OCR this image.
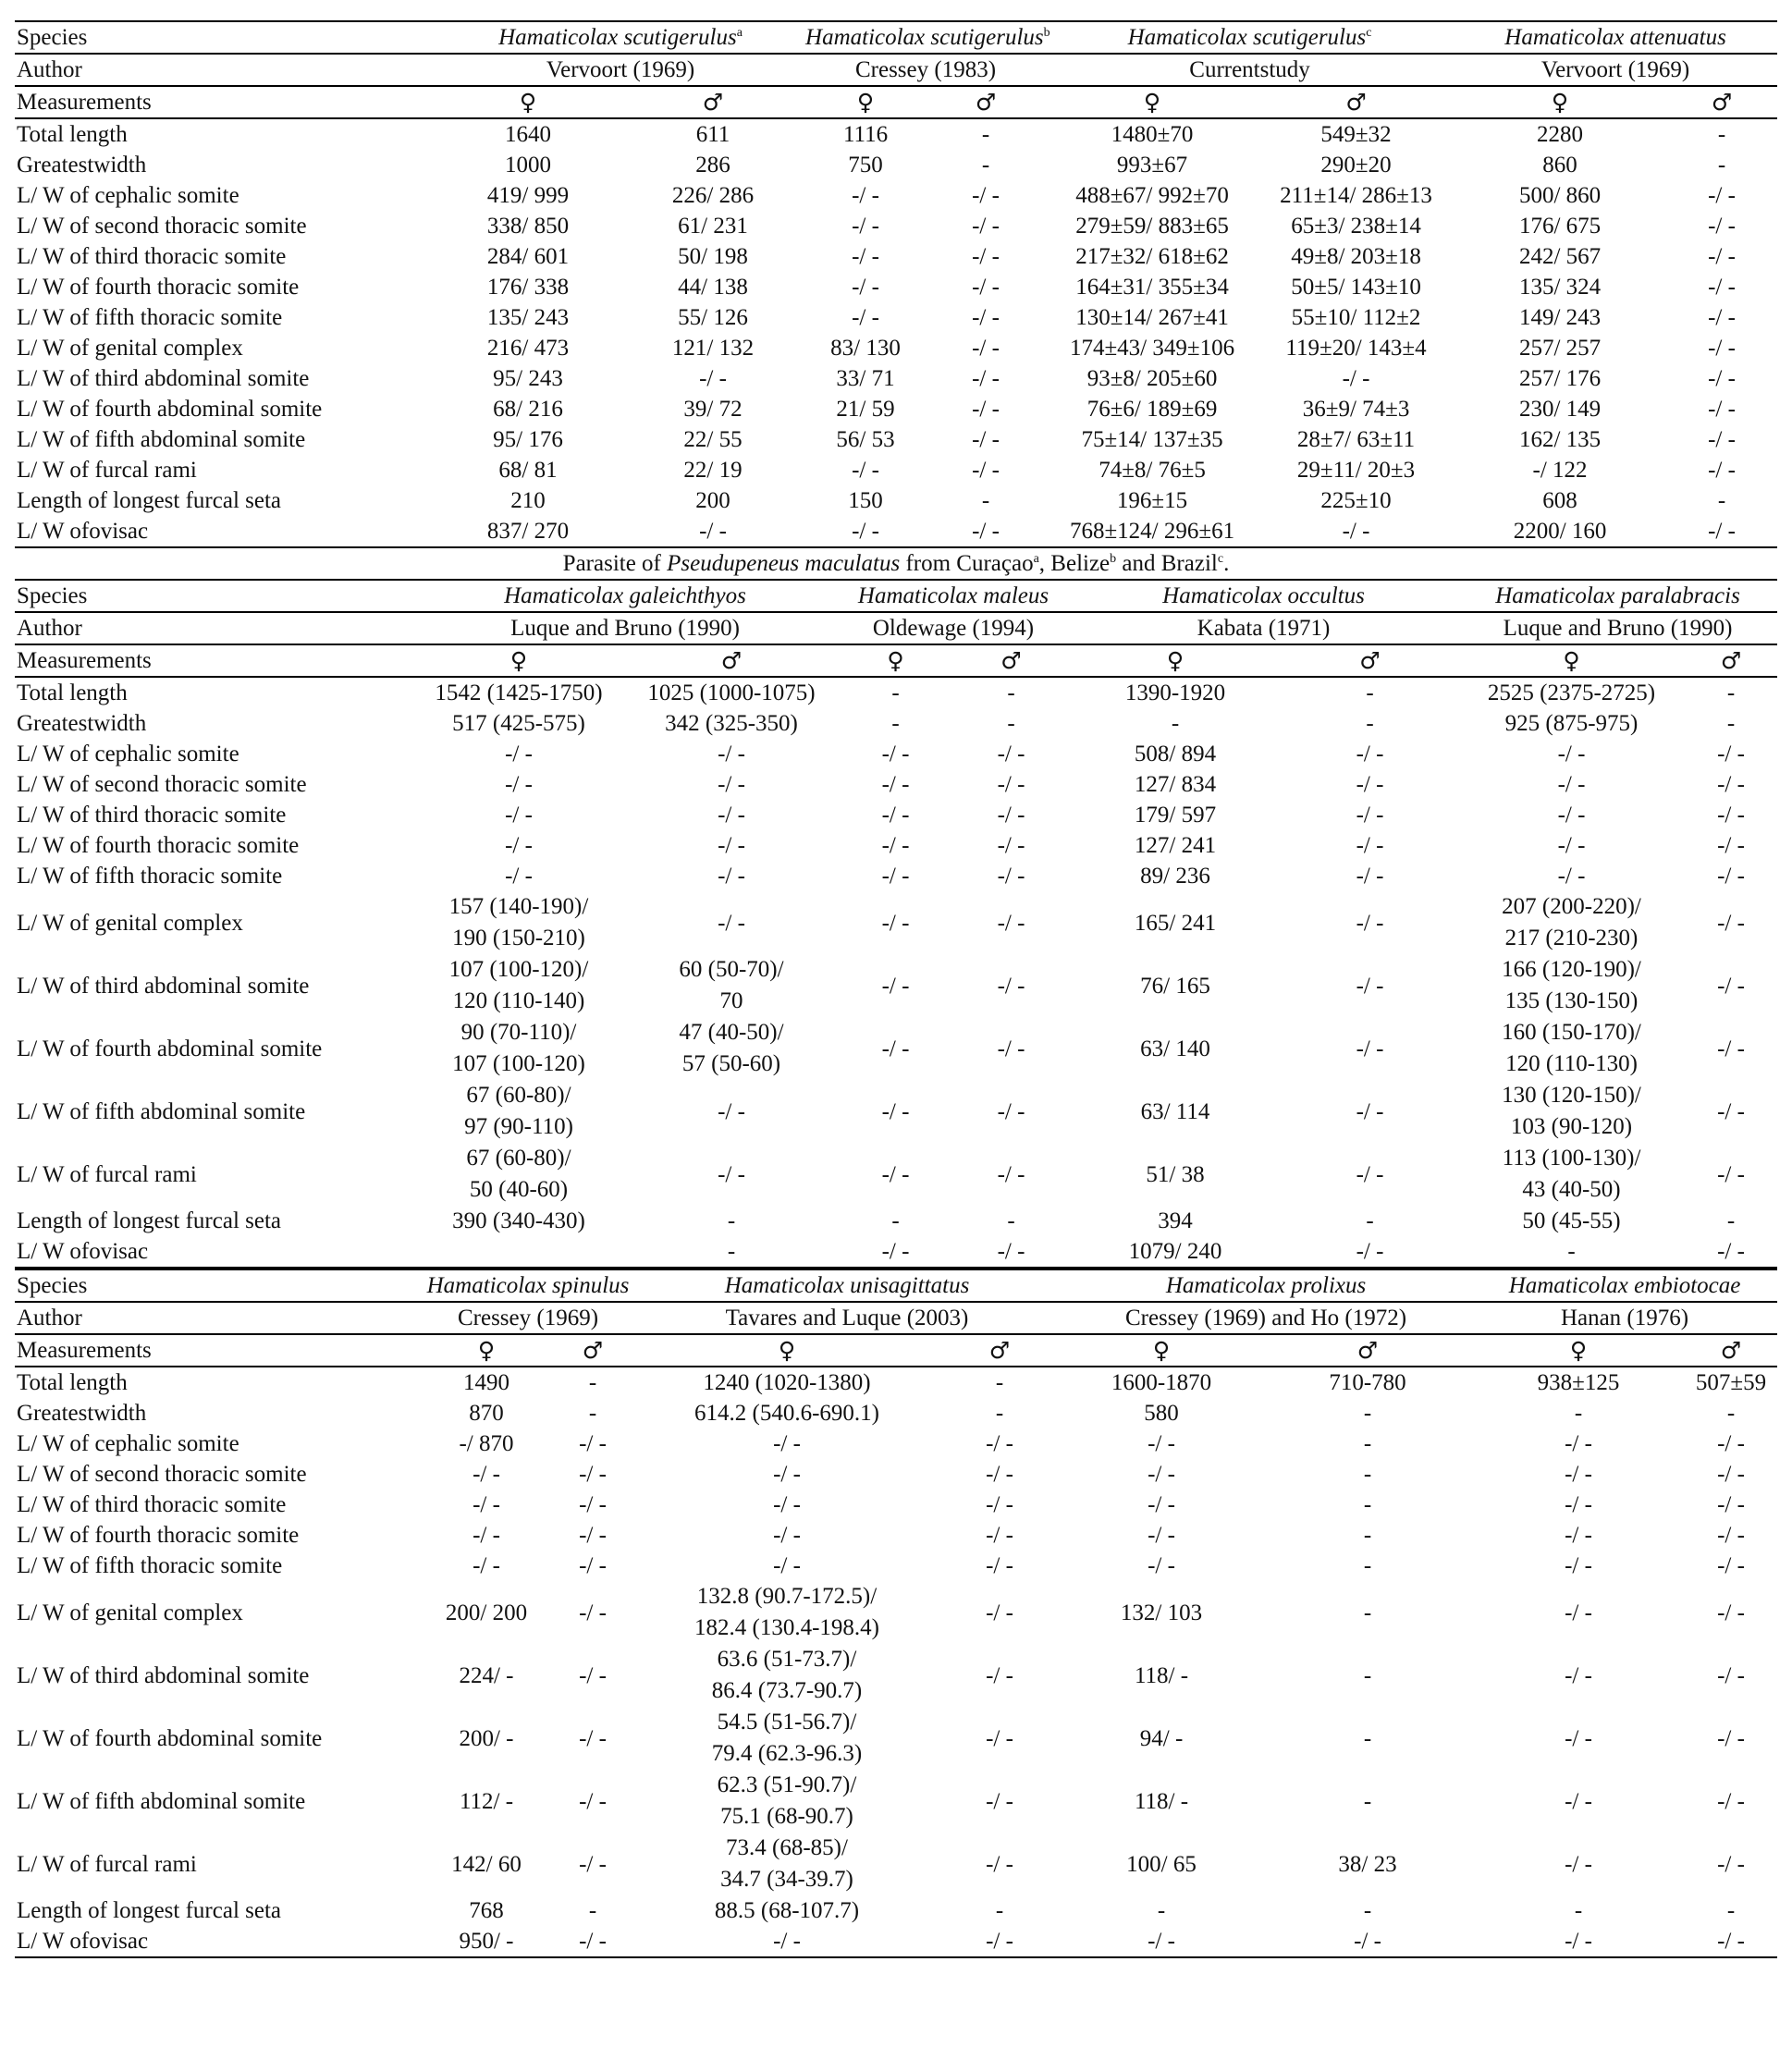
Species	Hamaticolax scutigerulus$^a$		Hamaticolax scutigerulus$^b$		Hamaticolax scutigerulus$^c$		Hamaticolax attenuatus	
Author	Vervoort (1969)		Cressey (1983)		Currentstudy		Vervoort (1969)	
Measurements	♀	♂	♀	♂	♀	♂	♀	♂
Total length	1640	611	1116	-	1480±70	549±32	2280	-
Greatestwidth	1000	286	750	-	993±67	290±20	860	-
L/ W of cephalic somite	419/ 999	226/ 286	-/ -	-/ -	488±67/ 992±70	211±14/ 286±13	500/ 860	-/ -
L/ W of second thoracic somite	338/ 850	61/ 231	-/ -	-/ -	279±59/ 883±65	65±3/ 238±14	176/ 675	-/ -
L/ W of third thoracic somite	284/ 601	50/ 198	-/ -	-/ -	217±32/ 618±62	49±8/ 203±18	242/ 567	-/ -
L/ W of fourth thoracic somite	176/ 338	44/ 138	-/ -	-/ -	164±31/ 355±34	50±5/ 143±10	135/ 324	-/ -
L/ W of fifth thoracic somite	135/ 243	55/ 126	-/ -	-/ -	130±14/ 267±41	55±10/ 112±2	149/ 243	-/ -
L/ W of genital complex	216/ 473	121/ 132	83/ 130	-/ -	174±43/ 349±106	119±20/ 143±4	257/ 257	-/ -
L/ W of third abdominal somite	95/ 243	-/ -	33/ 71	-/ -	93±8/ 205±60	-/ -	257/ 176	-/ -
L/ W of fourth abdominal somite	68/ 216	39/ 72	21/ 59	-/ -	76±6/ 189±69	36±9/ 74±3	230/ 149	-/ -
L/ W of fifth abdominal somite	95/ 176	22/ 55	56/ 53	-/ -	75±14/ 137±35	28±7/ 63±11	162/ 135	-/ -
L/ W of furcal rami	68/ 81	22/ 19	-/ -	-/ -	74±8/ 76±5	29±11/ 20±3	-/ 122	-/ -
Length of longest furcal seta	210	200	150	-	196±15	225±10	608	-
L/ W ofovisac	837/ 270	-/ -	-/ -	-/ -	768±124/ 296±61	-/ -	2200/ 160	-/ -
Parasite of Pseudupeneus maculatus from Curaçao$^a$, Belize$^b$ and Brazil$^c$.
Species	Hamaticolax galeichthyos		Hamaticolax maleus		Hamaticolax occultus		Hamaticolax paralabracis	
Author	Luque and Bruno (1990)		Oldewage (1994)		Kabata (1971)		Luque and Bruno (1990)	
Measurements	♀	♂	♀	♂	♀	♂	♀	♂
Total length	1542 (1425-1750)	1025 (1000-1075)	-	-	1390-1920	-	2525 (2375-2725)	-
Greatestwidth	517 (425-575)	342 (325-350)	-	-	-	-	925 (875-975)	-
L/ W of cephalic somite	-/ -	-/ -	-/ -	-/ -	508/ 894	-/ -	-/ -	-/ -
L/ W of second thoracic somite	-/ -	-/ -	-/ -	-/ -	127/ 834	-/ -	-/ -	-/ -
L/ W of third thoracic somite	-/ -	-/ -	-/ -	-/ -	179/ 597	-/ -	-/ -	-/ -
L/ W of fourth thoracic somite	-/ -	-/ -	-/ -	-/ -	127/ 241	-/ -	-/ -	-/ -
L/ W of fifth thoracic somite	-/ -	-/ -	-/ -	-/ -	89/ 236	-/ -	-/ -	-/ -
L/ W of genital complex	157 (140-190)/
190 (150-210)	-/ -	-/ -	-/ -	165/ 241	-/ -	207 (200-220)/
217 (210-230)	-/ -
L/ W of third abdominal somite	107 (100-120)/
120 (110-140)	60 (50-70)/
70	-/ -	-/ -	76/ 165	-/ -	166 (120-190)/
135 (130-150)	-/ -
L/ W of fourth abdominal somite	90 (70-110)/
107 (100-120)	47 (40-50)/
57 (50-60)	-/ -	-/ -	63/ 140	-/ -	160 (150-170)/
120 (110-130)	-/ -
L/ W of fifth abdominal somite	67 (60-80)/
97 (90-110)	-/ -	-/ -	-/ -	63/ 114	-/ -	130 (120-150)/
103 (90-120)	-/ -
L/ W of furcal rami	67 (60-80)/
50 (40-60)	-/ -	-/ -	-/ -	51/ 38	-/ -	113 (100-130)/
43 (40-50)	-/ -
Length of longest furcal seta	390 (340-430)	-	-	-	394	-	50 (45-55)	-
L/ W ofovisac		-	-/ -	-/ -	1079/ 240	-/ -	-	-/ -
Species	Hamaticolax spinulus		Hamaticolax unisagittatus		Hamaticolax prolixus		Hamaticolax embiotocae	
Author	Cressey (1969)		Tavares and Luque (2003)		Cressey (1969) and Ho (1972)		Hanan (1976)	
Measurements	♀	♂	♀	♂	♀	♂	♀	♂
Total length	1490	-	1240 (1020-1380)	-	1600-1870	710-780	938±125	507±59
Greatestwidth	870	-	614.2 (540.6-690.1)	-	580	-	-	-
L/ W of cephalic somite	-/ 870	-/ -	-/ -	-/ -	-/ -	-	-/ -	-/ -
L/ W of second thoracic somite	-/ -	-/ -	-/ -	-/ -	-/ -	-	-/ -	-/ -
L/ W of third thoracic somite	-/ -	-/ -	-/ -	-/ -	-/ -	-	-/ -	-/ -
L/ W of fourth thoracic somite	-/ -	-/ -	-/ -	-/ -	-/ -	-	-/ -	-/ -
L/ W of fifth thoracic somite	-/ -	-/ -	-/ -	-/ -	-/ -	-	-/ -	-/ -
L/ W of genital complex	200/ 200	-/ -	132.8 (90.7-172.5)/
182.4 (130.4-198.4)	-/ -	132/ 103	-	-/ -	-/ -
L/ W of third abdominal somite	224/ -	-/ -	63.6 (51-73.7)/
86.4 (73.7-90.7)	-/ -	118/ -	-	-/ -	-/ -
L/ W of fourth abdominal somite	200/ -	-/ -	54.5 (51-56.7)/
79.4 (62.3-96.3)	-/ -	94/ -	-	-/ -	-/ -
L/ W of fifth abdominal somite	112/ -	-/ -	62.3 (51-90.7)/
75.1 (68-90.7)	-/ -	118/ -	-	-/ -	-/ -
L/ W of furcal rami	142/ 60	-/ -	73.4 (68-85)/
34.7 (34-39.7)	-/ -	100/ 65	38/ 23	-/ -	-/ -
Length of longest furcal seta	768	-	88.5 (68-107.7)	-	-	-	-	-
L/ W ofovisac	950/ -	-/ -	-/ -	-/ -	-/ -	-/ -	-/ -	-/ -
